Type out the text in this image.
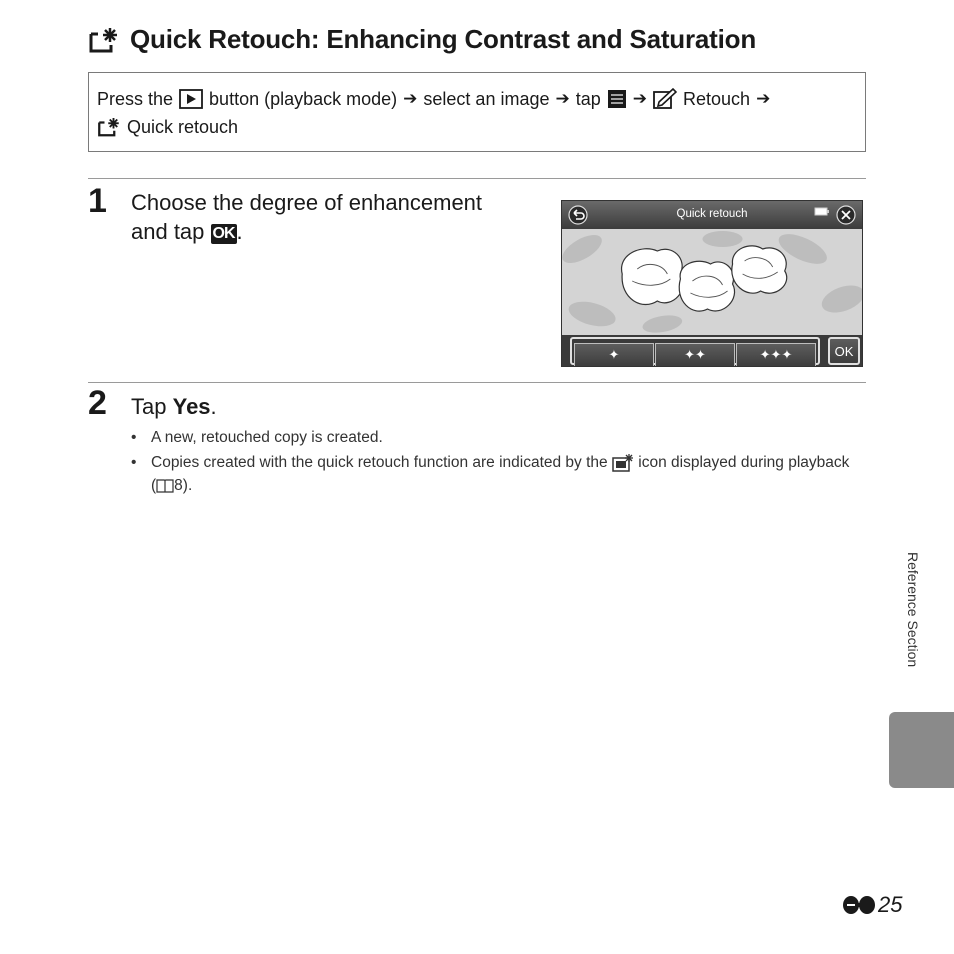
Quick Retouch: Enhancing Contrast and Saturation
Press the button (playback mode) ➔ select an image ➔ tap ➔ Retouch ➔
Quick retouch
1 Choose the degree of enhancement
and tap OK.
Quick retouch
✦	✦✦	✦✦✦	OK
2 Tap Yes.
• A new, retouched copy is created.
• Copies created with the quick retouch function are indicated by the icon displayed during playback ( 8).
Reference Section
25
